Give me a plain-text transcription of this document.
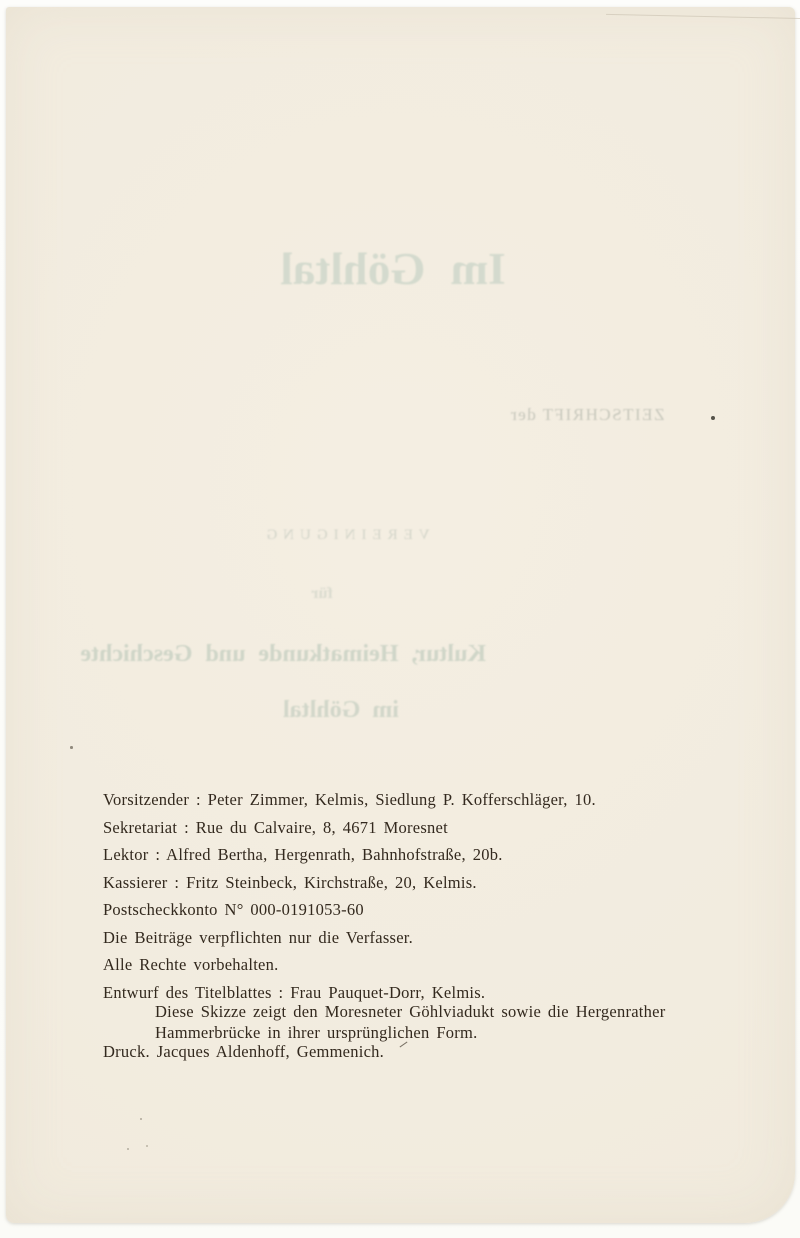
Im Göhltal
ZEITSCHRIFT der
VEREINIGUNG
für
Kultur, Heimatkunde und Geschichte
im Göhltal
Vorsitzender : Peter Zimmer, Kelmis, Siedlung P. Kofferschläger, 10.
Sekretariat : Rue du Calvaire, 8, 4671 Moresnet
Lektor : Alfred Bertha, Hergenrath, Bahnhofstraße, 20b.
Kassierer : Fritz Steinbeck, Kirchstraße, 20, Kelmis.
Postscheckkonto N° 000-0191053-60
Die Beiträge verpflichten nur die Verfasser.
Alle Rechte vorbehalten.
Entwurf des Titelblattes : Frau Pauquet-Dorr, Kelmis.
Diese Skizze zeigt den Moresneter Göhlviadukt sowie die Hergenrather
Hammerbrücke in ihrer ursprünglichen Form.
Druck. Jacques Aldenhoff, Gemmenich.
